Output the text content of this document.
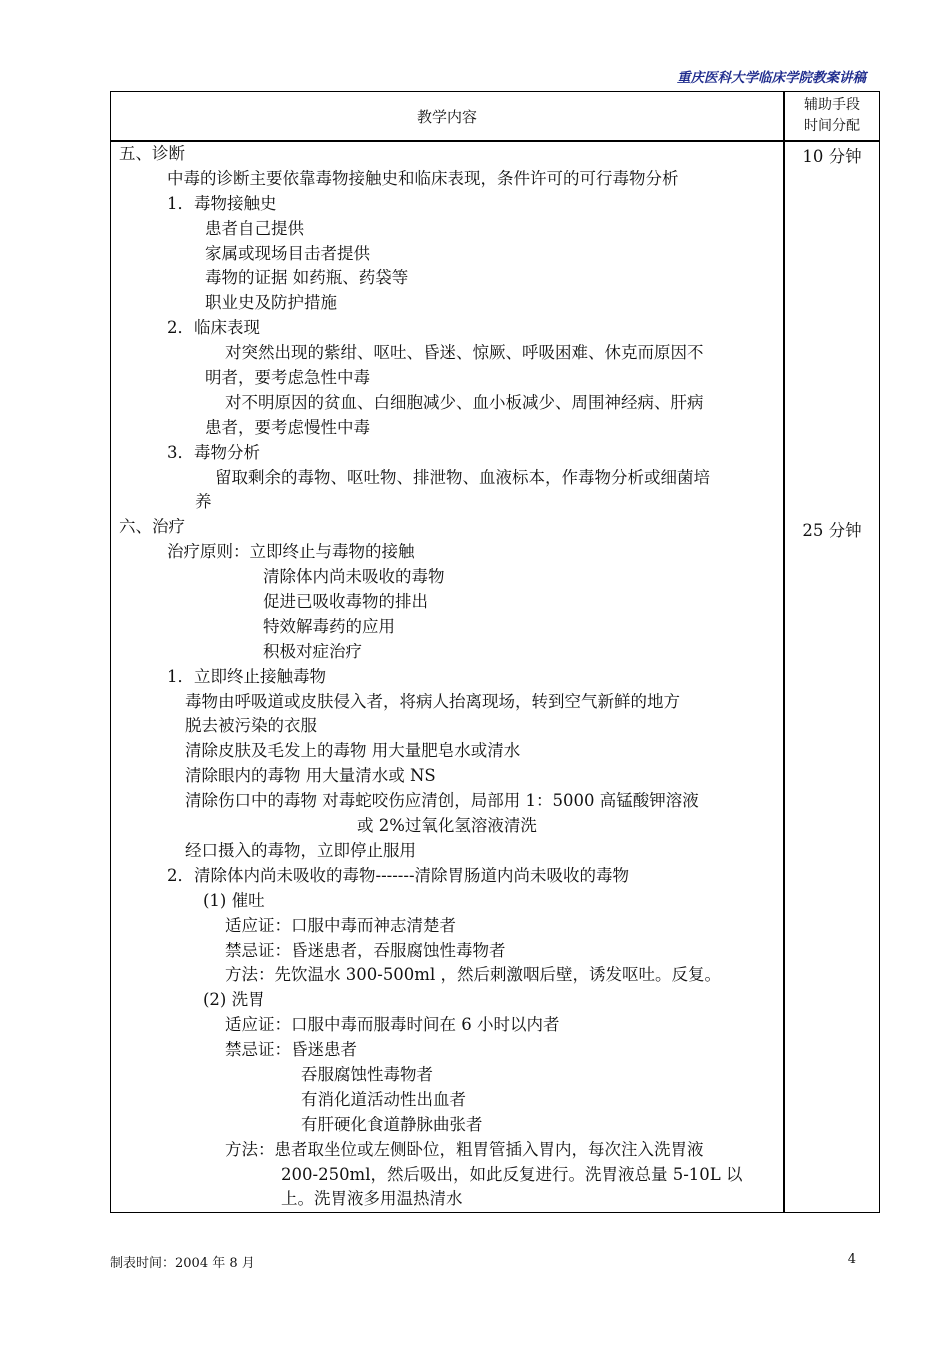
重庆医科大学临床学院教案讲稿
教学内容
辅助手段
时间分配
五、诊断
中毒的诊断主要依靠毒物接触史和临床表现，条件许可的可行毒物分析
1．毒物接触史
患者自己提供
家属或现场目击者提供
毒物的证据 如药瓶、药袋等
职业史及防护措施
2．临床表现
对突然出现的紫绀、呕吐、昏迷、惊厥、呼吸困难、休克而原因不
明者，要考虑急性中毒
对不明原因的贫血、白细胞减少、血小板减少、周围神经病、肝病
患者，要考虑慢性中毒
3．毒物分析
留取剩余的毒物、呕吐物、排泄物、血液标本，作毒物分析或细菌培
养
六、治疗
治疗原则：立即终止与毒物的接触
清除体内尚未吸收的毒物
促进已吸收毒物的排出
特效解毒药的应用
积极对症治疗
1．立即终止接触毒物
毒物由呼吸道或皮肤侵入者，将病人抬离现场，转到空气新鲜的地方
脱去被污染的衣服
清除皮肤及毛发上的毒物 用大量肥皂水或清水
清除眼内的毒物 用大量清水或 NS
清除伤口中的毒物 对毒蛇咬伤应清创，局部用 1：5000 高锰酸钾溶液
或 2%过氧化氢溶液清洗
经口摄入的毒物，立即停止服用
2．清除体内尚未吸收的毒物-------清除胃肠道内尚未吸收的毒物
(1) 催吐
适应证：口服中毒而神志清楚者
禁忌证：昏迷患者，吞服腐蚀性毒物者
方法：先饮温水 300-500ml ，然后刺激咽后壁，诱发呕吐。反复。
(2) 洗胃
适应证：口服中毒而服毒时间在 6 小时以内者
禁忌证：昏迷患者
吞服腐蚀性毒物者
有消化道活动性出血者
有肝硬化食道静脉曲张者
方法：患者取坐位或左侧卧位，粗胃管插入胃内，每次注入洗胃液
200-250ml，然后吸出，如此反复进行。洗胃液总量 5-10L 以
上。洗胃液多用温热清水
10 分钟
25 分钟
制表时间：2004 年 8 月	4
